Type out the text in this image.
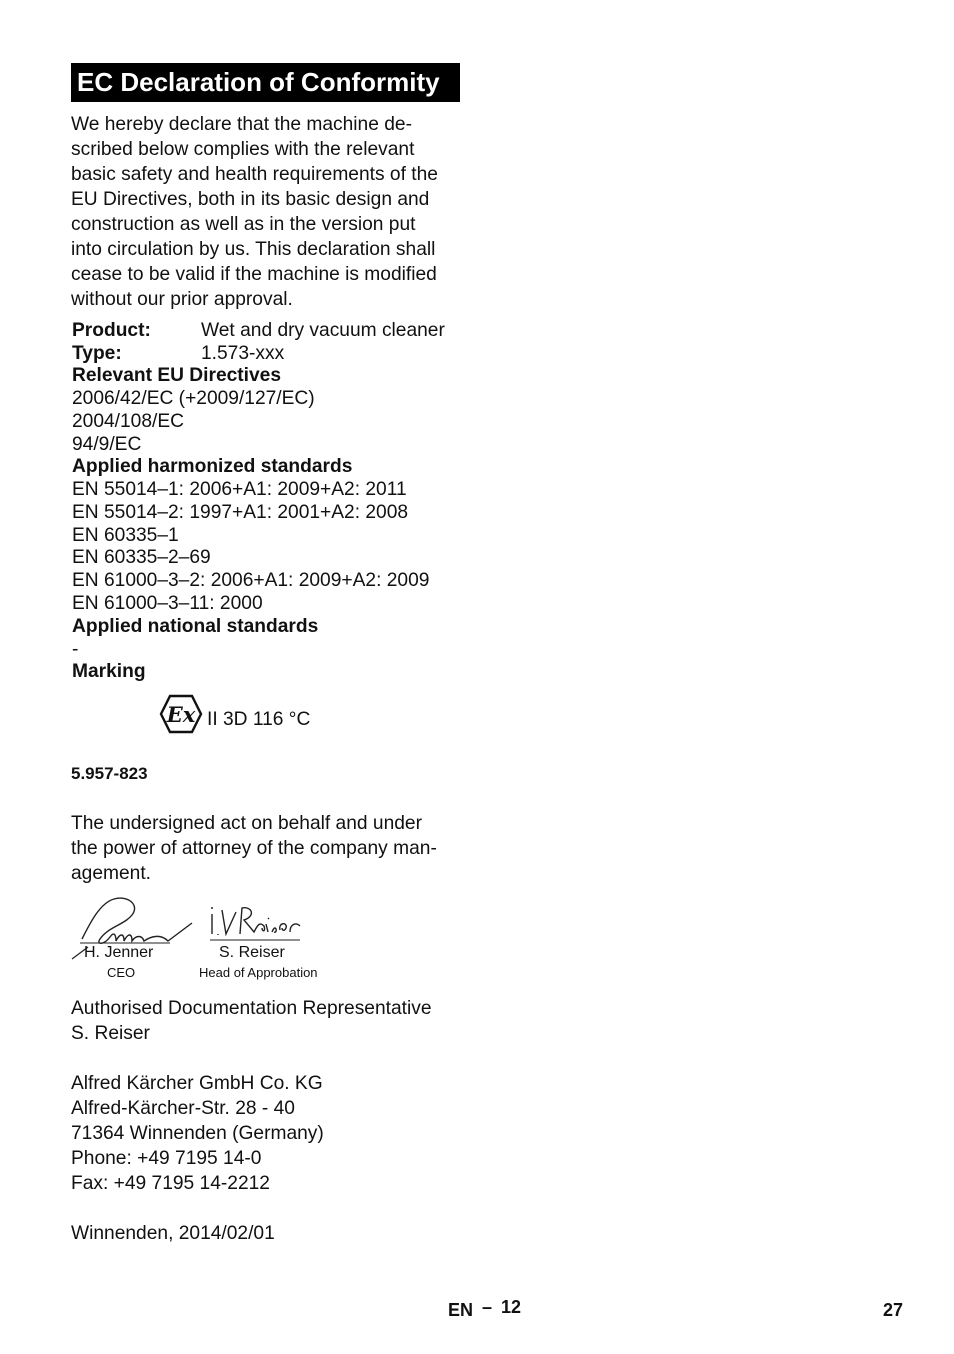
EC Declaration of Conformity
We hereby declare that the machine de-
scribed below complies with the relevant
basic safety and health requirements of the
EU Directives, both in its basic design and
construction as well as in the version put
into circulation by us. This declaration shall
cease to be valid if the machine is modified
without our prior approval.
Product:	Wet and dry vacuum cleaner
Type:	1.573-xxx
Relevant EU Directives
2006/42/EC (+2009/127/EC)
2004/108/EC
94/9/EC
Applied harmonized standards
EN 55014–1: 2006+A1: 2009+A2: 2011
EN 55014–2: 1997+A1: 2001+A2: 2008
EN 60335–1
EN 60335–2–69
EN 61000–3–2: 2006+A1: 2009+A2: 2009
EN 61000–3–11: 2000
Applied national standards
-
Marking
Ex II 3D 116 °C
5.957-823
The undersigned act on behalf and under
the power of attorney of the company man-
agement.
H. Jenner	S. Reiser
CEO	Head of Approbation
Authorised Documentation Representative
S. Reiser
Alfred Kärcher GmbH Co. KG
Alfred-Kärcher-Str. 28 - 40
71364 Winnenden (Germany)
Phone: +49 7195 14-0
Fax: +49 7195 14-2212
Winnenden, 2014/02/01
EN – 12	27
